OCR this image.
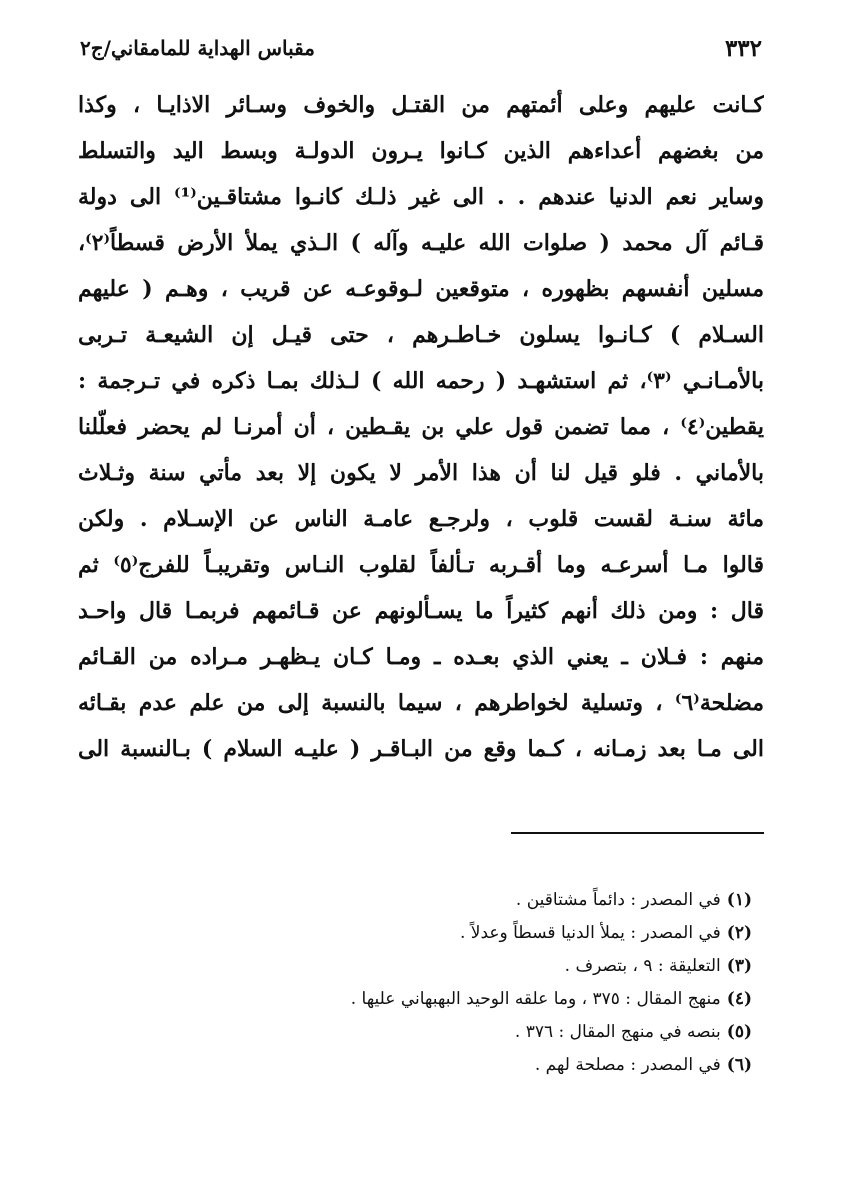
٣٣٢
مقباس الهداية للمامقاني/ج٢
كـانت عليهم وعلى أئمتهم من القتـل والخوف وسـائر الاذايـا ، وكذا
من بغضهم أعداءهم الذين كـانوا يـرون الدولـة وبسط اليد والتسلط
وساير نعم الدنيا عندهم . . الى غير ذلـك كانـوا مشتاقـين⁽¹⁾ الى دولة
قـائم آل محمد ( صلوات الله عليـه وآله ) الـذي يملأ الأرض قسطاً⁽٢⁾،
مسلين أنفسهم بظهوره ، متوقعين لـوقوعـه عن قريب ، وهـم ( عليهم
السـلام ) كـانـوا يسلون خـاطـرهم ، حتى قيـل إن الشيعـة تـربى
بالأمـانـي ⁽٣⁾، ثم استشهـد ( رحمه الله ) لـذلك بمـا ذكره في تـرجمة :
يقطين⁽٤⁾ ، مما تضمن قول علي بن يقـطين ، أن أمرنـا لم يحضر فعلّلنا
بالأماني . فلو قيل لنا أن هذا الأمر لا يكون إلا بعد مأتي سنة وثـلاث
مائة سنـة لقست قلوب ، ولرجـع عامـة الناس عن الإسـلام . ولكن
قالوا مـا أسرعـه وما أقـربه تـألفاً لقلوب النـاس وتقريبـاً للفرج⁽٥⁾ ثم
قال : ومن ذلك أنهم كثيراً ما يسـألونهم عن قـائمهم فربمـا قال واحـد
منهم : فـلان ـ يعني الذي بعـده ـ ومـا كـان يـظهـر مـراده من القـائم
مضلحة⁽٦⁾ ، وتسلية لخواطرهم ، سيما بالنسبة إلى من علم عدم بقـائه
الى مـا بعد زمـانه ، كـما وقع من البـاقـر ( عليـه السلام ) بـالنسبة الى
(١)في المصدر : دائماً مشتاقين .
(٢)في المصدر : يملأ الدنيا قسطاً وعدلاً .
(٣)التعليقة : ٩ ، بتصرف .
(٤)منهج المقال : ٣٧٥ ، وما علقه الوحيد البهبهاني عليها .
(٥)بنصه في منهج المقال : ٣٧٦ .
(٦)في المصدر : مصلحة لهم .
